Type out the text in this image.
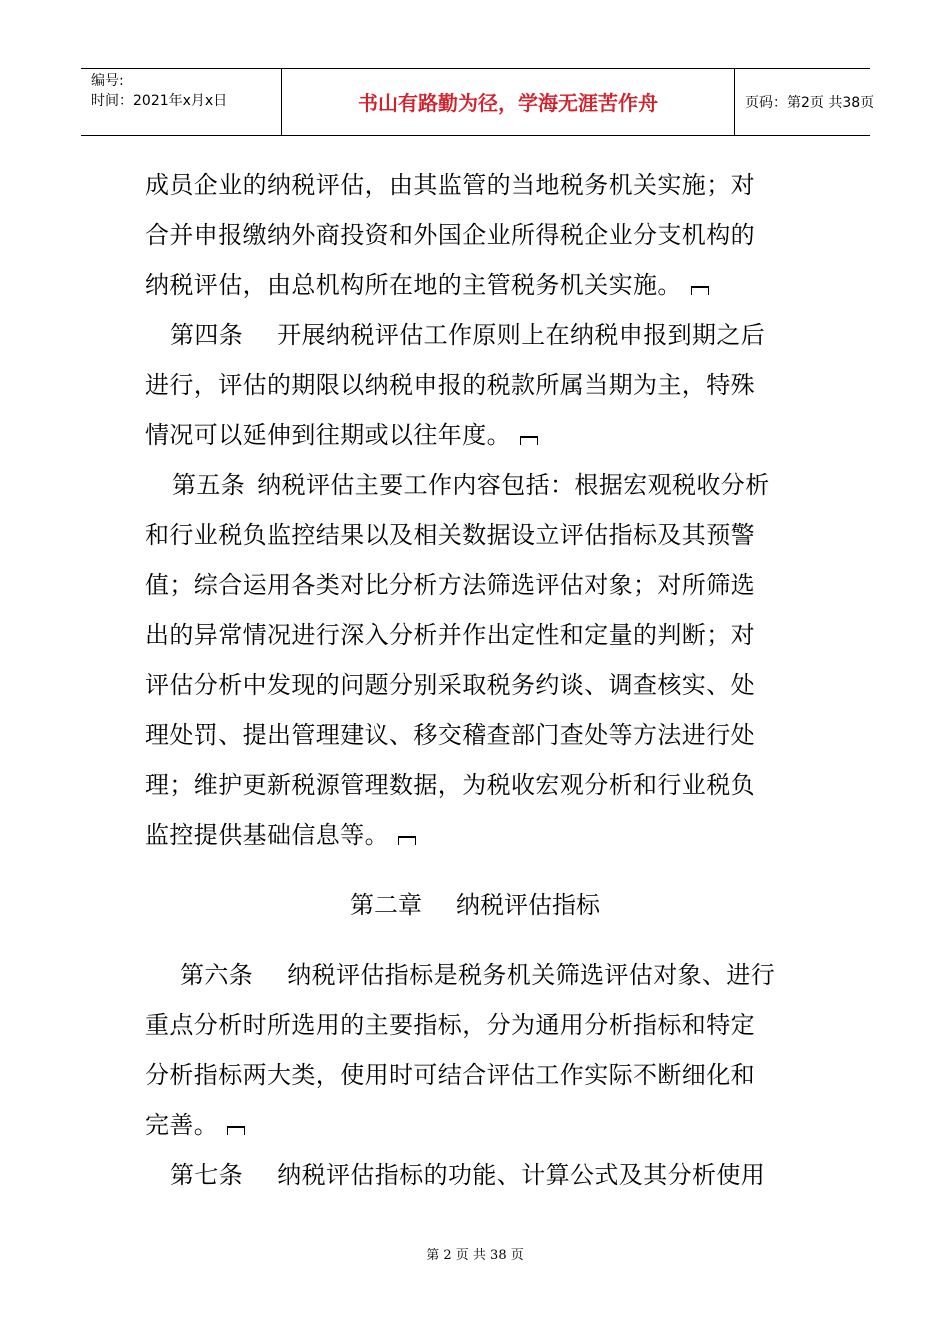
编号:
时间：2021年x月x日	书山有路勤为径，学海无涯苦作舟	页码：第2页 共38页
成员企业的纳税评估，由其监管的当地税务机关实施；对
合并申报缴纳外商投资和外国企业所得税企业分支机构的
纳税评估，由总机构所在地的主管税务机关实施。
第四条 开展纳税评估工作原则上在纳税申报到期之后
进行，评估的期限以纳税申报的税款所属当期为主，特殊
情况可以延伸到往期或以往年度。
第五条 纳税评估主要工作内容包括：根据宏观税收分析
和行业税负监控结果以及相关数据设立评估指标及其预警
值；综合运用各类对比分析方法筛选评估对象；对所筛选
出的异常情况进行深入分析并作出定性和定量的判断；对
评估分析中发现的问题分别采取税务约谈、调查核实、处
理处罚、提出管理建议、移交稽查部门查处等方法进行处
理；维护更新税源管理数据，为税收宏观分析和行业税负
监控提供基础信息等。
第二章 纳税评估指标
第六条 纳税评估指标是税务机关筛选评估对象、进行
重点分析时所选用的主要指标，分为通用分析指标和特定
分析指标两大类，使用时可结合评估工作实际不断细化和
完善。
第七条 纳税评估指标的功能、计算公式及其分析使用
第 2 页 共 38 页
